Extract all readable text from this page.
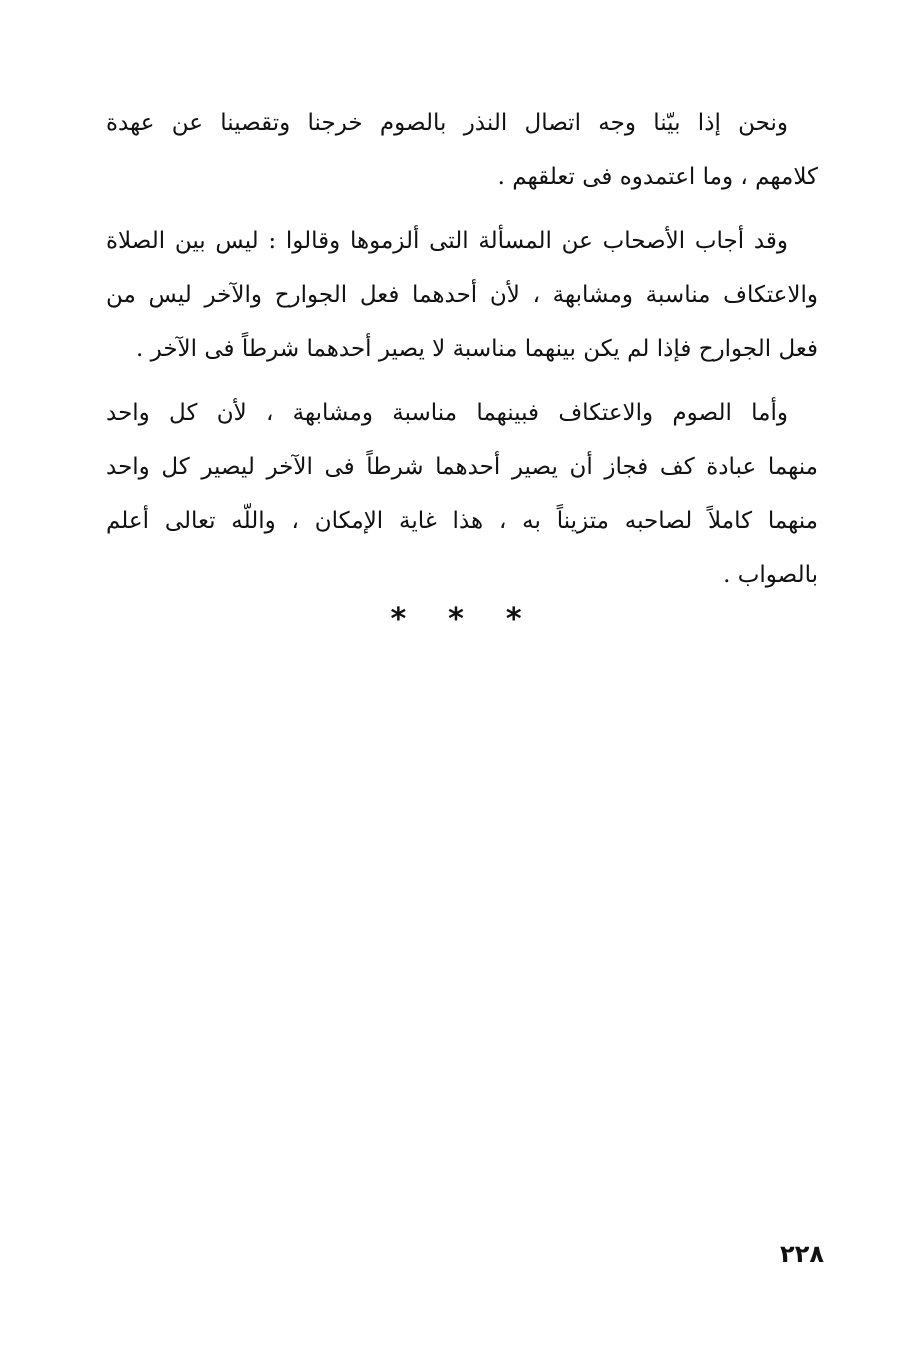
ونحن إذا بيّنا وجه اتصال النذر بالصوم خرجنا وتقصينا عن عهدة
كلامهم ، وما اعتمدوه فى تعلقهم .
وقد أجاب الأصحاب عن المسألة التى ألزموها وقالوا : ليس بين الصلاة
والاعتكاف مناسبة ومشابهة ، لأن أحدهما فعل الجوارح والآخر ليس من
فعل الجوارح فإذا لم يكن بينهما مناسبة لا يصير أحدهما شرطاً فى الآخر .
وأما الصوم والاعتكاف فبينهما مناسبة ومشابهة ، لأن كل واحد
منهما عبادة كف فجاز أن يصير أحدهما شرطاً فى الآخر ليصير كل واحد
منهما كاملاً لصاحبه متزيناً به ، هذا غاية الإمكان ، واللّه تعالى أعلم
بالصواب .
* * *
٢٢٨
